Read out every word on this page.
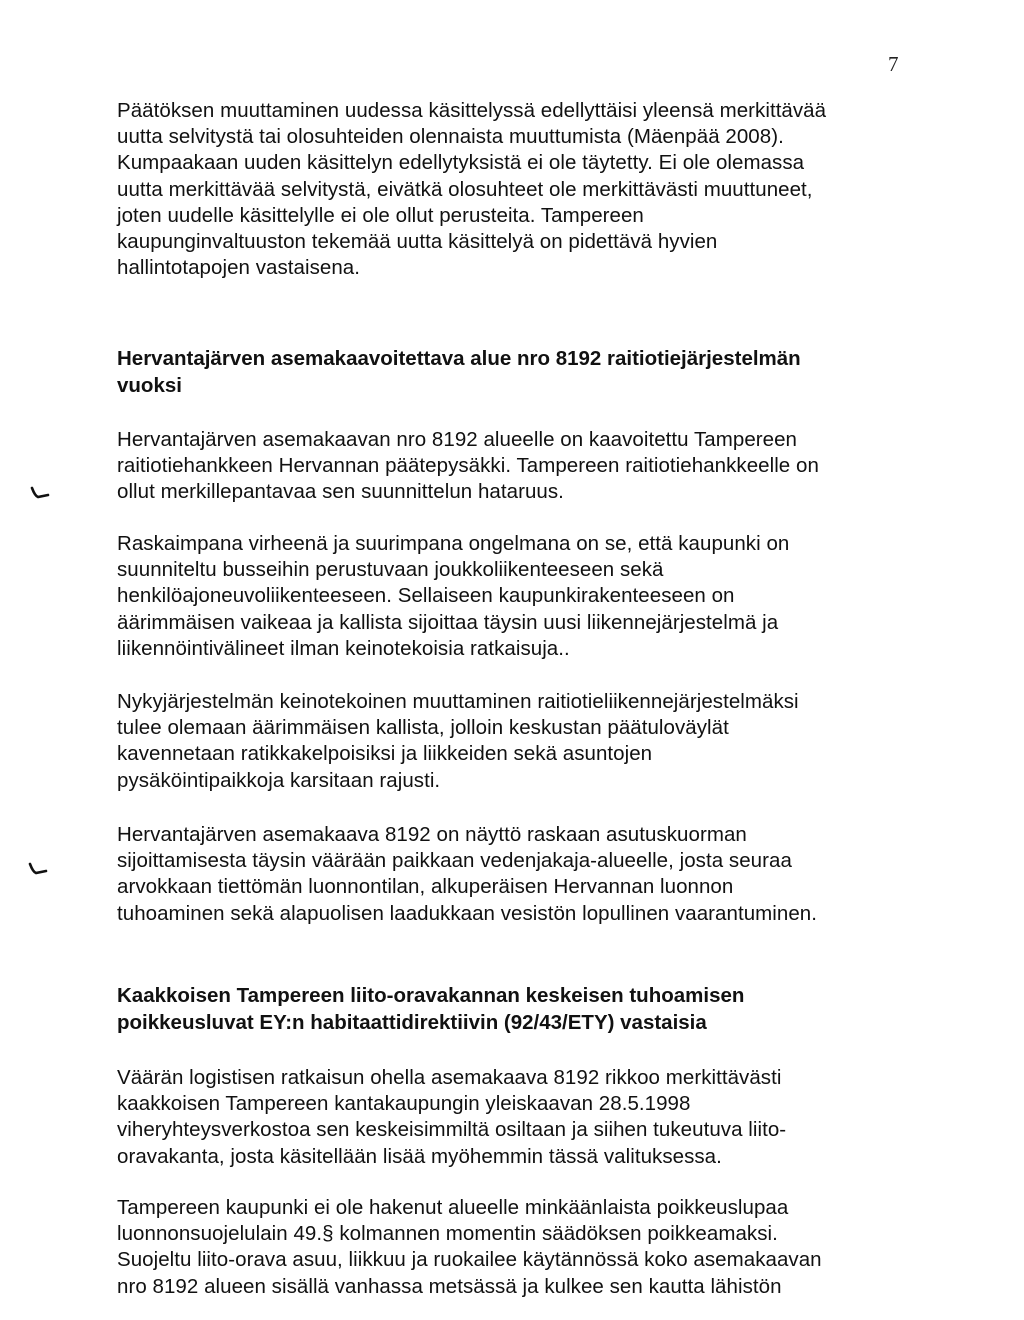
7
Päätöksen muuttaminen uudessa käsittelyssä edellyttäisi yleensä merkittävää
uutta selvitystä tai olosuhteiden olennaista muuttumista (Mäenpää 2008).
Kumpaakaan uuden käsittelyn edellytyksistä ei ole täytetty. Ei ole olemassa
uutta merkittävää selvitystä, eivätkä olosuhteet ole merkittävästi muuttuneet,
joten uudelle käsittelylle ei ole ollut perusteita. Tampereen
kaupunginvaltuuston tekemää uutta käsittelyä on pidettävä hyvien
hallintotapojen vastaisena.
Hervantajärven asemakaavoitettava alue nro 8192 raitiotiejärjestelmän
vuoksi
Hervantajärven asemakaavan nro 8192 alueelle on kaavoitettu Tampereen
raitiotiehankkeen Hervannan päätepysäkki. Tampereen raitiotiehankkeelle on
ollut merkillepantavaa sen suunnittelun hataruus.
Raskaimpana virheenä ja suurimpana ongelmana on se, että kaupunki on
suunniteltu busseihin perustuvaan joukkoliikenteeseen sekä
henkilöajoneuvoliikenteeseen. Sellaiseen kaupunkirakenteeseen on
äärimmäisen vaikeaa ja kallista sijoittaa täysin uusi liikennejärjestelmä ja
liikennöintivälineet ilman keinotekoisia ratkaisuja..
Nykyjärjestelmän keinotekoinen muuttaminen raitiotieliikennejärjestelmäksi
tulee olemaan äärimmäisen kallista, jolloin keskustan päätuloväylät
kavennetaan ratikkakelpoisiksi ja liikkeiden sekä asuntojen
pysäköintipaikkoja karsitaan rajusti.
Hervantajärven asemakaava 8192 on näyttö raskaan asutuskuorman
sijoittamisesta täysin väärään paikkaan vedenjakaja-alueelle, josta seuraa
arvokkaan tiettömän luonnontilan, alkuperäisen Hervannan luonnon
tuhoaminen sekä alapuolisen laadukkaan vesistön lopullinen vaarantuminen.
Kaakkoisen Tampereen liito-oravakannan keskeisen tuhoamisen
poikkeusluvat EY:n habitaattidirektiivin (92/43/ETY) vastaisia
Väärän logistisen ratkaisun ohella asemakaava 8192 rikkoo merkittävästi
kaakkoisen Tampereen kantakaupungin yleiskaavan 28.5.1998
viheryhteysverkostoa sen keskeisimmiltä osiltaan ja siihen tukeutuva liito-
oravakanta, josta käsitellään lisää myöhemmin tässä valituksessa.
Tampereen kaupunki ei ole hakenut alueelle minkäänlaista poikkeuslupaa
luonnonsuojelulain 49.§ kolmannen momentin säädöksen poikkeamaksi.
Suojeltu liito-orava asuu, liikkuu ja ruokailee käytännössä koko asemakaavan
nro 8192 alueen sisällä vanhassa metsässä ja kulkee sen kautta lähistön
